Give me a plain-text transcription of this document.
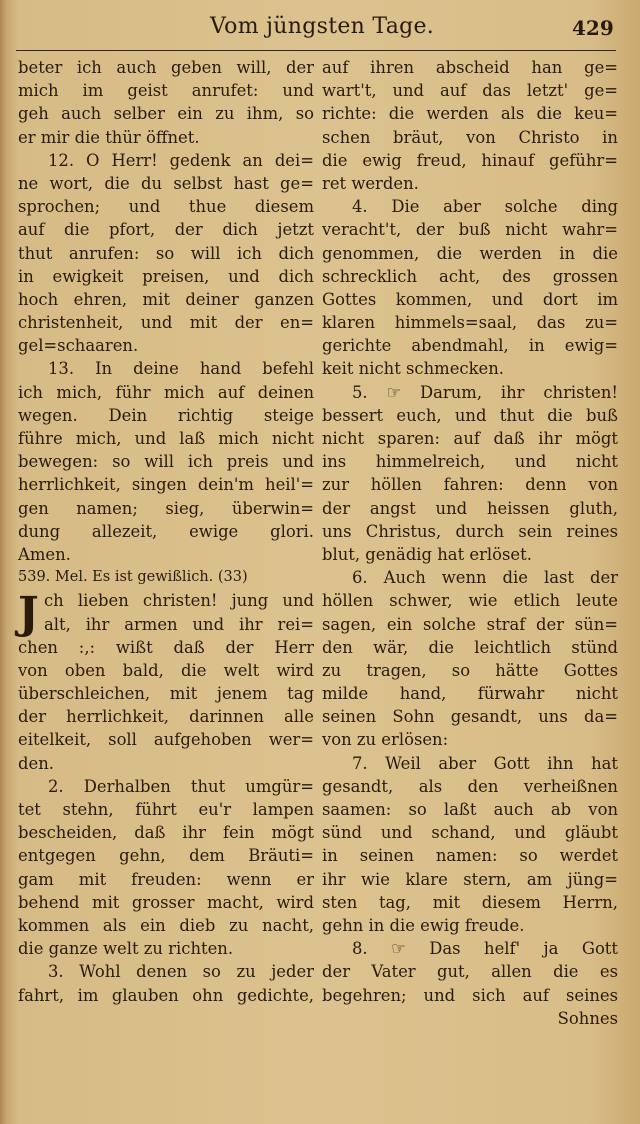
Vom jüngsten Tage.	429
beter ich auch geben will, der
mich im geist anrufet: und
geh auch selber ein zu ihm, so
er mir die thür öffnet.
12. O Herr! gedenk an dei=
ne wort, die du selbst hast ge=
sprochen; und thue diesem
auf die pfort, der dich jetzt
thut anrufen: so will ich dich
in ewigkeit preisen, und dich
hoch ehren, mit deiner ganzen
christenheit, und mit der en=
gel=schaaren.
13. In deine hand befehl
ich mich, führ mich auf deinen
wegen. Dein richtig steige
führe mich, und laß mich nicht
bewegen: so will ich preis und
herrlichkeit, singen dein'm heil'=
gen namen; sieg, überwin=
dung allezeit, ewige glori.
Amen.
539. Mel. Es ist gewißlich. (33)
J ch lieben christen! jung und
alt, ihr armen und ihr rei=
chen :,: wißt daß der Herr
von oben bald, die welt wird
überschleichen, mit jenem tag
der herrlichkeit, darinnen alle
eitelkeit, soll aufgehoben wer=
den.
2. Derhalben thut umgür=
tet stehn, führt eu'r lampen
bescheiden, daß ihr fein mögt
entgegen gehn, dem Bräuti=
gam mit freuden: wenn er
behend mit grosser macht, wird
kommen als ein dieb zu nacht,
die ganze welt zu richten.
3. Wohl denen so zu jeder
fahrt, im glauben ohn gedichte,
auf ihren abscheid han ge=
wart't, und auf das letzt' ge=
richte: die werden als die keu=
schen bräut, von Christo in
die ewig freud, hinauf geführ=
ret werden.
4. Die aber solche ding
veracht't, der buß nicht wahr=
genommen, die werden in die
schrecklich acht, des grossen
Gottes kommen, und dort im
klaren himmels=saal, das zu=
gerichte abendmahl, in ewig=
keit nicht schmecken.
5. ☞ Darum, ihr christen!
bessert euch, und thut die buß
nicht sparen: auf daß ihr mögt
ins himmelreich, und nicht
zur höllen fahren: denn von
der angst und heissen gluth,
uns Christus, durch sein reines
blut, genädig hat erlöset.
6. Auch wenn die last der
höllen schwer, wie etlich leute
sagen, ein solche straf der sün=
den wär, die leichtlich stünd
zu tragen, so hätte Gottes
milde hand, fürwahr nicht
seinen Sohn gesandt, uns da=
von zu erlösen:
7. Weil aber Gott ihn hat
gesandt, als den verheißnen
saamen: so laßt auch ab von
sünd und schand, und gläubt
in seinen namen: so werdet
ihr wie klare stern, am jüng=
sten tag, mit diesem Herrn,
gehn in die ewig freude.
8. ☞ Das helf' ja Gott
der Vater gut, allen die es
begehren; und sich auf seines
Sohnes
